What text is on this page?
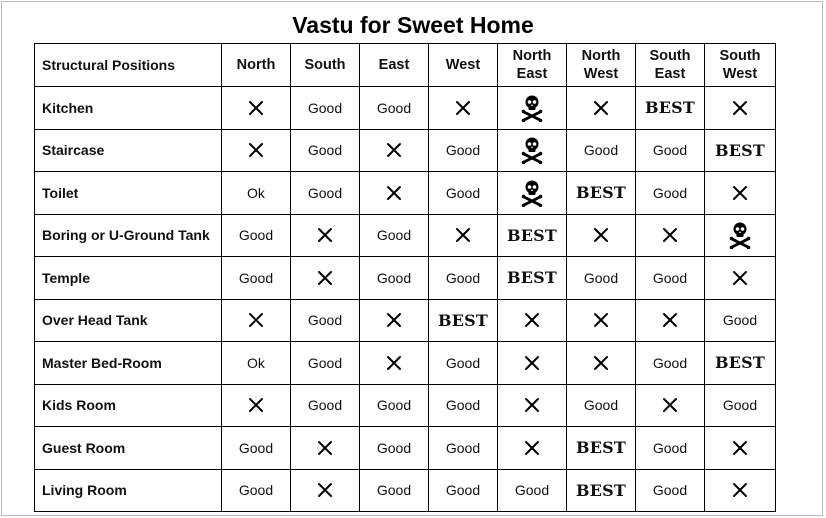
Vastu for Sweet Home
Structural Positions	North	South	East	West	North East	North West	South East	South West
Kitchen		Good	Good				BEST	

Staircase		Good		Good		Good	Good	BEST
Toilet	Ok	Good		Good		BEST	Good	

Boring or U-Ground Tank	Good		Good		BEST	

Temple	Good		Good	Good	BEST	Good	Good	

Over Head Tank		Good		BEST				Good
Master Bed-Room	Ok	Good		Good			Good	BEST
Kids Room		Good	Good	Good		Good		Good
Guest Room	Good		Good	Good		BEST	Good	

Living Room	Good		Good	Good	Good	BEST	Good	
